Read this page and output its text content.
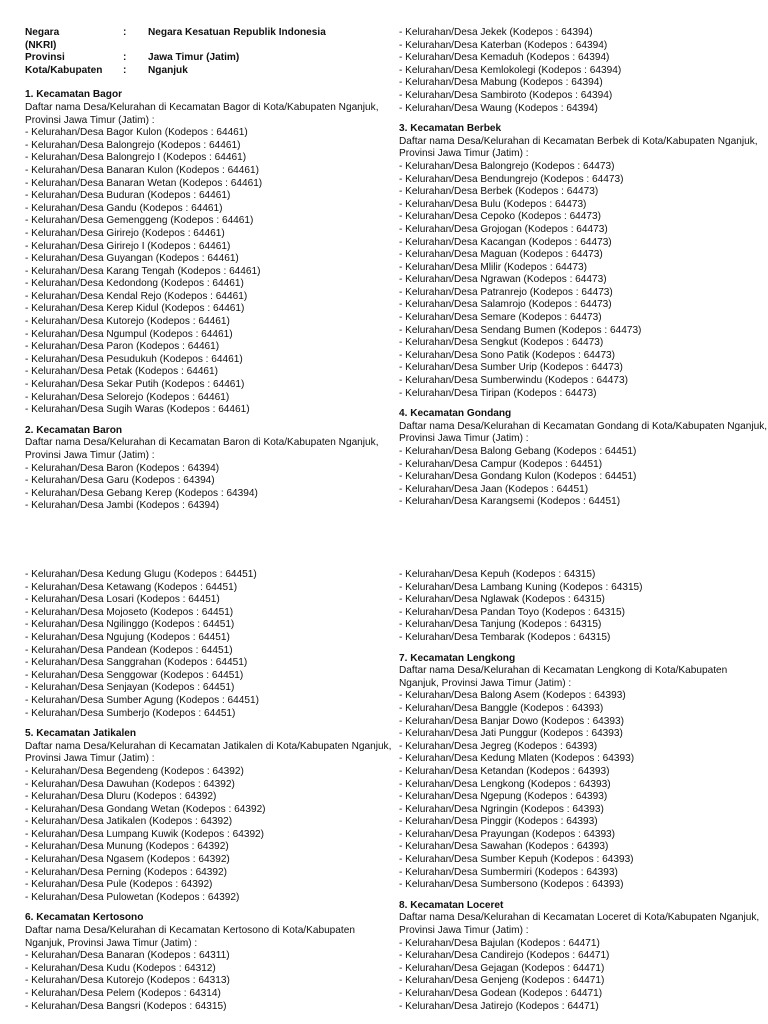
Negara	:	Negara Kesatuan Republik Indonesia
(NKRI)
Provinsi	:	Jawa Timur (Jatim)
Kota/Kabupaten	:	Nganjuk
1. Kecamatan Bagor
Daftar nama Desa/Kelurahan di Kecamatan Bagor di Kota/Kabupaten Nganjuk, Provinsi Jawa Timur (Jatim) :
- Kelurahan/Desa Bagor Kulon (Kodepos : 64461)
- Kelurahan/Desa Balongrejo (Kodepos : 64461)
- Kelurahan/Desa Balongrejo I (Kodepos : 64461)
- Kelurahan/Desa Banaran Kulon (Kodepos : 64461)
- Kelurahan/Desa Banaran Wetan (Kodepos : 64461)
- Kelurahan/Desa Buduran (Kodepos : 64461)
- Kelurahan/Desa Gandu (Kodepos : 64461)
- Kelurahan/Desa Gemenggeng (Kodepos : 64461)
- Kelurahan/Desa Girirejo (Kodepos : 64461)
- Kelurahan/Desa Girirejo I (Kodepos : 64461)
- Kelurahan/Desa Guyangan (Kodepos : 64461)
- Kelurahan/Desa Karang Tengah (Kodepos : 64461)
- Kelurahan/Desa Kedondong (Kodepos : 64461)
- Kelurahan/Desa Kendal Rejo (Kodepos : 64461)
- Kelurahan/Desa Kerep Kidul (Kodepos : 64461)
- Kelurahan/Desa Kutorejo (Kodepos : 64461)
- Kelurahan/Desa Ngumpul (Kodepos : 64461)
- Kelurahan/Desa Paron (Kodepos : 64461)
- Kelurahan/Desa Pesudukuh (Kodepos : 64461)
- Kelurahan/Desa Petak (Kodepos : 64461)
- Kelurahan/Desa Sekar Putih (Kodepos : 64461)
- Kelurahan/Desa Selorejo (Kodepos : 64461)
- Kelurahan/Desa Sugih Waras (Kodepos : 64461)
2. Kecamatan Baron
Daftar nama Desa/Kelurahan di Kecamatan Baron di Kota/Kabupaten Nganjuk, Provinsi Jawa Timur (Jatim) :
- Kelurahan/Desa Baron (Kodepos : 64394)
- Kelurahan/Desa Garu (Kodepos : 64394)
- Kelurahan/Desa Gebang Kerep (Kodepos : 64394)
- Kelurahan/Desa Jambi (Kodepos : 64394)
- Kelurahan/Desa Jekek (Kodepos : 64394)
- Kelurahan/Desa Katerban (Kodepos : 64394)
- Kelurahan/Desa Kemaduh (Kodepos : 64394)
- Kelurahan/Desa Kemlokolegi (Kodepos : 64394)
- Kelurahan/Desa Mabung (Kodepos : 64394)
- Kelurahan/Desa Sambiroto (Kodepos : 64394)
- Kelurahan/Desa Waung (Kodepos : 64394)
3. Kecamatan Berbek
Daftar nama Desa/Kelurahan di Kecamatan Berbek di Kota/Kabupaten Nganjuk, Provinsi Jawa Timur (Jatim) :
- Kelurahan/Desa Balongrejo (Kodepos : 64473)
- Kelurahan/Desa Bendungrejo (Kodepos : 64473)
- Kelurahan/Desa Berbek (Kodepos : 64473)
- Kelurahan/Desa Bulu (Kodepos : 64473)
- Kelurahan/Desa Cepoko (Kodepos : 64473)
- Kelurahan/Desa Grojogan (Kodepos : 64473)
- Kelurahan/Desa Kacangan (Kodepos : 64473)
- Kelurahan/Desa Maguan (Kodepos : 64473)
- Kelurahan/Desa Mlilir (Kodepos : 64473)
- Kelurahan/Desa Ngrawan (Kodepos : 64473)
- Kelurahan/Desa Patranrejo (Kodepos : 64473)
- Kelurahan/Desa Salamrojo (Kodepos : 64473)
- Kelurahan/Desa Semare (Kodepos : 64473)
- Kelurahan/Desa Sendang Bumen (Kodepos : 64473)
- Kelurahan/Desa Sengkut (Kodepos : 64473)
- Kelurahan/Desa Sono Patik (Kodepos : 64473)
- Kelurahan/Desa Sumber Urip (Kodepos : 64473)
- Kelurahan/Desa Sumberwindu (Kodepos : 64473)
- Kelurahan/Desa Tiripan (Kodepos : 64473)
4. Kecamatan Gondang
Daftar nama Desa/Kelurahan di Kecamatan Gondang di Kota/Kabupaten Nganjuk, Provinsi Jawa Timur (Jatim) :
- Kelurahan/Desa Balong Gebang (Kodepos : 64451)
- Kelurahan/Desa Campur (Kodepos : 64451)
- Kelurahan/Desa Gondang Kulon (Kodepos : 64451)
- Kelurahan/Desa Jaan (Kodepos : 64451)
- Kelurahan/Desa Karangsemi (Kodepos : 64451)
- Kelurahan/Desa Kedung Glugu (Kodepos : 64451)
- Kelurahan/Desa Ketawang (Kodepos : 64451)
- Kelurahan/Desa Losari (Kodepos : 64451)
- Kelurahan/Desa Mojoseto (Kodepos : 64451)
- Kelurahan/Desa Ngilinggo (Kodepos : 64451)
- Kelurahan/Desa Ngujung (Kodepos : 64451)
- Kelurahan/Desa Pandean (Kodepos : 64451)
- Kelurahan/Desa Sanggrahan (Kodepos : 64451)
- Kelurahan/Desa Senggowar (Kodepos : 64451)
- Kelurahan/Desa Senjayan (Kodepos : 64451)
- Kelurahan/Desa Sumber Agung (Kodepos : 64451)
- Kelurahan/Desa Sumberjo (Kodepos : 64451)
5. Kecamatan Jatikalen
Daftar nama Desa/Kelurahan di Kecamatan Jatikalen di Kota/Kabupaten Nganjuk, Provinsi Jawa Timur (Jatim) :
- Kelurahan/Desa Begendeng (Kodepos : 64392)
- Kelurahan/Desa Dawuhan (Kodepos : 64392)
- Kelurahan/Desa Dluru (Kodepos : 64392)
- Kelurahan/Desa Gondang Wetan (Kodepos : 64392)
- Kelurahan/Desa Jatikalen (Kodepos : 64392)
- Kelurahan/Desa Lumpang Kuwik (Kodepos : 64392)
- Kelurahan/Desa Munung (Kodepos : 64392)
- Kelurahan/Desa Ngasem (Kodepos : 64392)
- Kelurahan/Desa Perning (Kodepos : 64392)
- Kelurahan/Desa Pule (Kodepos : 64392)
- Kelurahan/Desa Pulowetan (Kodepos : 64392)
6. Kecamatan Kertosono
Daftar nama Desa/Kelurahan di Kecamatan Kertosono di Kota/Kabupaten Nganjuk, Provinsi Jawa Timur (Jatim) :
- Kelurahan/Desa Banaran (Kodepos : 64311)
- Kelurahan/Desa Kudu (Kodepos : 64312)
- Kelurahan/Desa Kutorejo (Kodepos : 64313)
- Kelurahan/Desa Pelem (Kodepos : 64314)
- Kelurahan/Desa Bangsri (Kodepos : 64315)
- Kelurahan/Desa Kepuh (Kodepos : 64315)
- Kelurahan/Desa Lambang Kuning (Kodepos : 64315)
- Kelurahan/Desa Nglawak (Kodepos : 64315)
- Kelurahan/Desa Pandan Toyo (Kodepos : 64315)
- Kelurahan/Desa Tanjung (Kodepos : 64315)
- Kelurahan/Desa Tembarak (Kodepos : 64315)
7. Kecamatan Lengkong
Daftar nama Desa/Kelurahan di Kecamatan Lengkong di Kota/Kabupaten Nganjuk, Provinsi Jawa Timur (Jatim) :
- Kelurahan/Desa Balong Asem (Kodepos : 64393)
- Kelurahan/Desa Banggle (Kodepos : 64393)
- Kelurahan/Desa Banjar Dowo (Kodepos : 64393)
- Kelurahan/Desa Jati Punggur (Kodepos : 64393)
- Kelurahan/Desa Jegreg (Kodepos : 64393)
- Kelurahan/Desa Kedung Mlaten (Kodepos : 64393)
- Kelurahan/Desa Ketandan (Kodepos : 64393)
- Kelurahan/Desa Lengkong (Kodepos : 64393)
- Kelurahan/Desa Ngepung (Kodepos : 64393)
- Kelurahan/Desa Ngringin (Kodepos : 64393)
- Kelurahan/Desa Pinggir (Kodepos : 64393)
- Kelurahan/Desa Prayungan (Kodepos : 64393)
- Kelurahan/Desa Sawahan (Kodepos : 64393)
- Kelurahan/Desa Sumber Kepuh (Kodepos : 64393)
- Kelurahan/Desa Sumbermiri (Kodepos : 64393)
- Kelurahan/Desa Sumbersono (Kodepos : 64393)
8. Kecamatan Loceret
Daftar nama Desa/Kelurahan di Kecamatan Loceret di Kota/Kabupaten Nganjuk, Provinsi Jawa Timur (Jatim) :
- Kelurahan/Desa Bajulan (Kodepos : 64471)
- Kelurahan/Desa Candirejo (Kodepos : 64471)
- Kelurahan/Desa Gejagan (Kodepos : 64471)
- Kelurahan/Desa Genjeng (Kodepos : 64471)
- Kelurahan/Desa Godean (Kodepos : 64471)
- Kelurahan/Desa Jatirejo (Kodepos : 64471)
